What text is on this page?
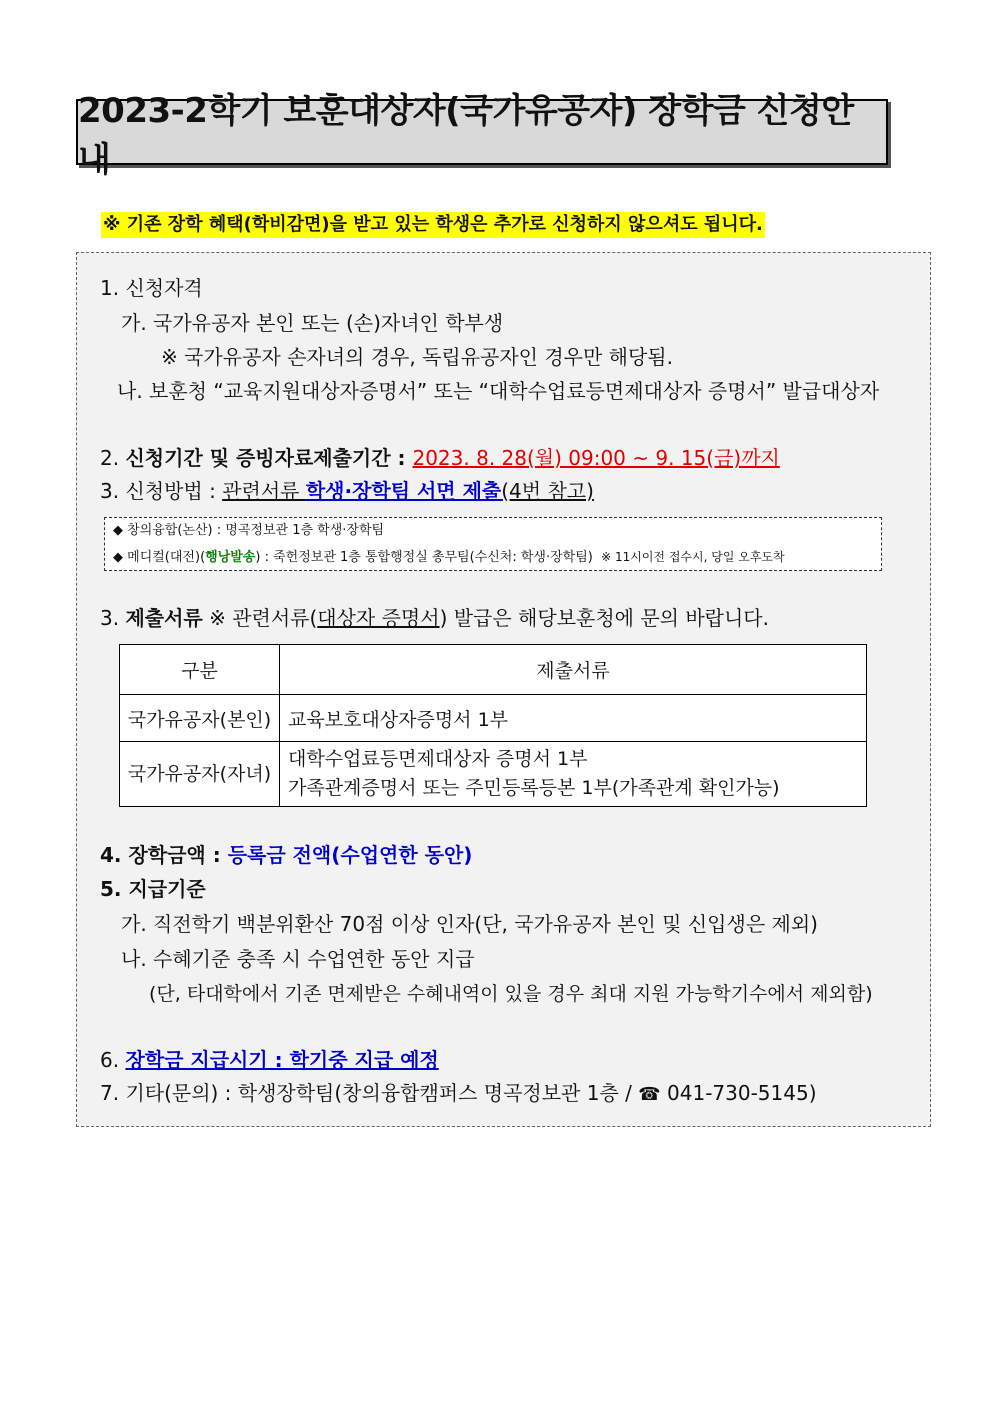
2023-2학기 보훈대상자(국가유공자) 장학금 신청안내
※ 기존 장학 혜택(학비감면)을 받고 있는 학생은 추가로 신청하지 않으셔도 됩니다.
1. 신청자격
가. 국가유공자 본인 또는 (손)자녀인 학부생
※ 국가유공자 손자녀의 경우, 독립유공자인 경우만 해당됨.
나. 보훈청 “교육지원대상자증명서” 또는 “대학수업료등면제대상자 증명서” 발급대상자
2. 신청기간 및 증빙자료제출기간 : 2023. 8. 28(월) 09:00 ~ 9. 15(금)까지
3. 신청방법 : 관련서류 학생·장학팀 서면 제출(4번 참고)
◆ 창의융합(논산) : 명곡정보관 1층 학생·장학팀
◆ 메디컬(대전)(행낭발송) : 죽헌정보관 1층 통합행정실 총무팀(수신처: 학생·장학팀) ※ 11시이전 접수시, 당일 오후도착
3. 제출서류 ※ 관련서류(대상자 증명서) 발급은 해당보훈청에 문의 바랍니다.
구분	제출서류
국가유공자(본인)	교육보호대상자증명서 1부
국가유공자(자녀)	대학수업료등면제대상자 증명서 1부
가족관계증명서 또는 주민등록등본 1부(가족관계 확인가능)
4. 장학금액 : 등록금 전액(수업연한 동안)
5. 지급기준
가. 직전학기 백분위환산 70점 이상 인자(단, 국가유공자 본인 및 신입생은 제외)
나. 수혜기준 충족 시 수업연한 동안 지급
(단, 타대학에서 기존 면제받은 수혜내역이 있을 경우 최대 지원 가능학기수에서 제외함)
6. 장학금 지급시기 : 학기중 지급 예정
7. 기타(문의) : 학생장학팀(창의융합캠퍼스 명곡정보관 1층 / ☎ 041-730-5145)
